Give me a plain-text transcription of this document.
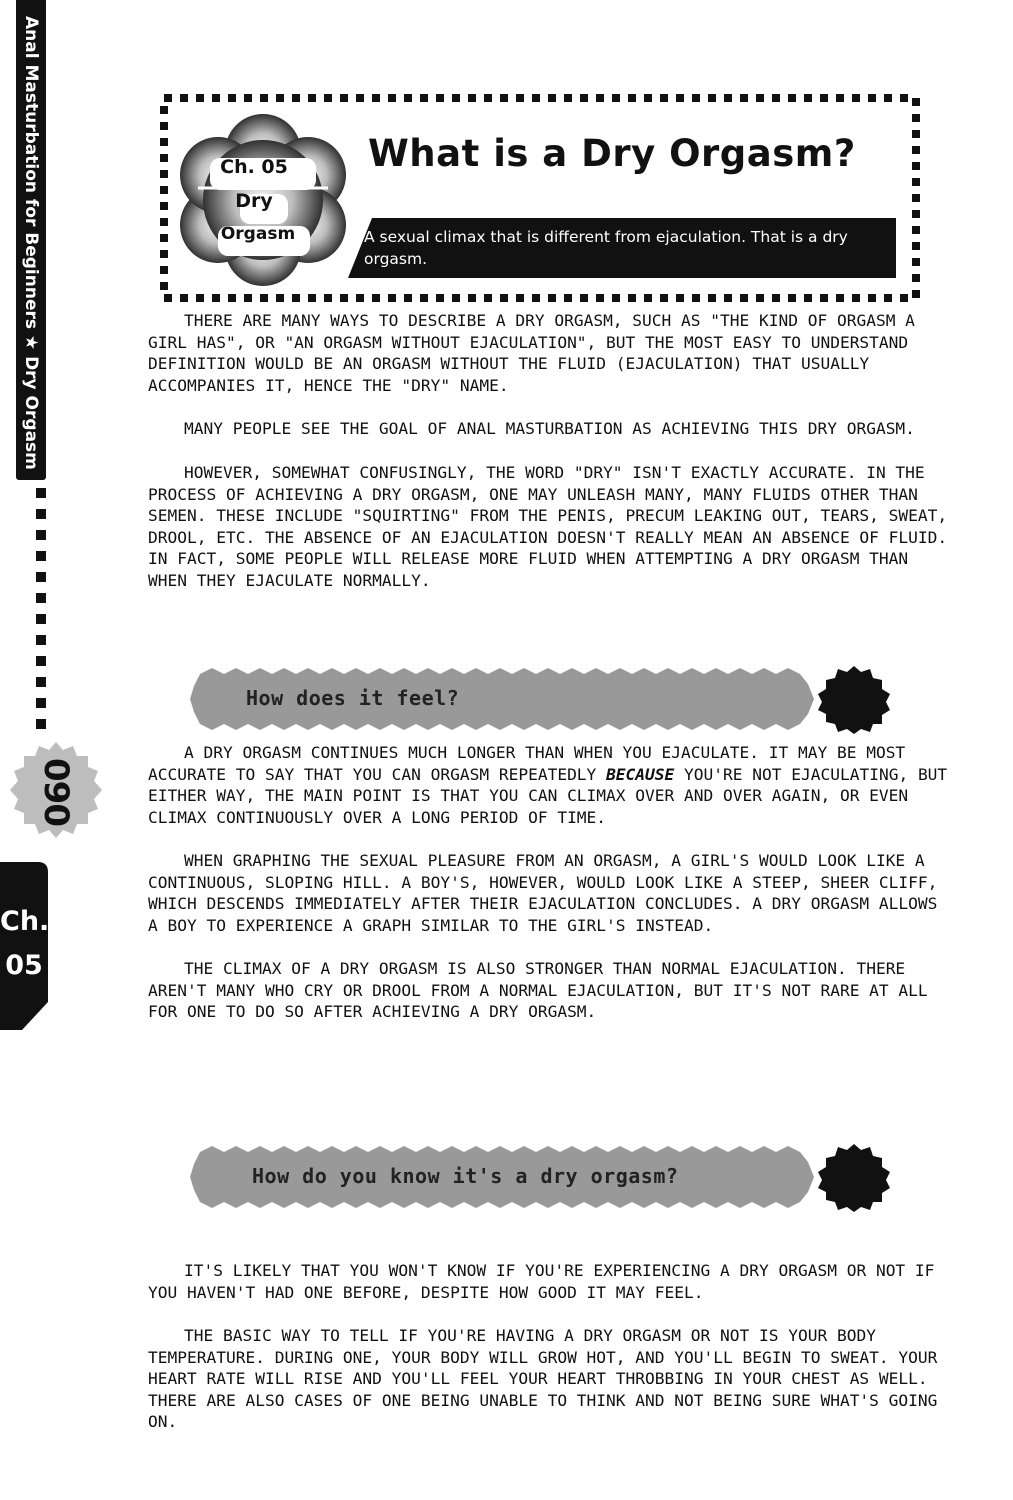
Anal Masturbation for Beginners ★ Dry Orgasm
090
Ch.
05
Ch. 05
Dry
Orgasm
What is a Dry Orgasm?
A sexual climax that is different from ejaculation. That is a dry orgasm.

THERE ARE MANY WAYS TO DESCRIBE A DRY ORGASM, SUCH AS "THE KIND OF ORGASM A GIRL HAS", OR "AN ORGASM WITHOUT EJACULATION", BUT THE MOST EASY TO UNDERSTAND DEFINITION WOULD BE AN ORGASM WITHOUT THE FLUID (EJACULATION) THAT USUALLY ACCOMPANIES IT, HENCE THE "DRY" NAME.

MANY PEOPLE SEE THE GOAL OF ANAL MASTURBATION AS ACHIEVING THIS DRY ORGASM.

HOWEVER, SOMEWHAT CONFUSINGLY, THE WORD "DRY" ISN'T EXACTLY ACCURATE. IN THE PROCESS OF ACHIEVING A DRY ORGASM, ONE MAY UNLEASH MANY, MANY FLUIDS OTHER THAN SEMEN. THESE INCLUDE "SQUIRTING" FROM THE PENIS, PRECUM LEAKING OUT, TEARS, SWEAT, DROOL, ETC. THE ABSENCE OF AN EJACULATION DOESN'T REALLY MEAN AN ABSENCE OF FLUID. IN FACT, SOME PEOPLE WILL RELEASE MORE FLUID WHEN ATTEMPTING A DRY ORGASM THAN WHEN THEY EJACULATE NORMALLY.

How does it feel?

A DRY ORGASM CONTINUES MUCH LONGER THAN WHEN YOU EJACULATE. IT MAY BE MOST ACCURATE TO SAY THAT YOU CAN ORGASM REPEATEDLY BECAUSE YOU'RE NOT EJACULATING, BUT EITHER WAY, THE MAIN POINT IS THAT YOU CAN CLIMAX OVER AND OVER AGAIN, OR EVEN CLIMAX CONTINUOUSLY OVER A LONG PERIOD OF TIME.

WHEN GRAPHING THE SEXUAL PLEASURE FROM AN ORGASM, A GIRL'S WOULD LOOK LIKE A CONTINUOUS, SLOPING HILL. A BOY'S, HOWEVER, WOULD LOOK LIKE A STEEP, SHEER CLIFF, WHICH DESCENDS IMMEDIATELY AFTER THEIR EJACULATION CONCLUDES. A DRY ORGASM ALLOWS A BOY TO EXPERIENCE A GRAPH SIMILAR TO THE GIRL'S INSTEAD.

THE CLIMAX OF A DRY ORGASM IS ALSO STRONGER THAN NORMAL EJACULATION. THERE AREN'T MANY WHO CRY OR DROOL FROM A NORMAL EJACULATION, BUT IT'S NOT RARE AT ALL FOR ONE TO DO SO AFTER ACHIEVING A DRY ORGASM.

How do you know it's a dry orgasm?

IT'S LIKELY THAT YOU WON'T KNOW IF YOU'RE EXPERIENCING A DRY ORGASM OR NOT IF YOU HAVEN'T HAD ONE BEFORE, DESPITE HOW GOOD IT MAY FEEL.

THE BASIC WAY TO TELL IF YOU'RE HAVING A DRY ORGASM OR NOT IS YOUR BODY TEMPERATURE. DURING ONE, YOUR BODY WILL GROW HOT, AND YOU'LL BEGIN TO SWEAT. YOUR HEART RATE WILL RISE AND YOU'LL FEEL YOUR HEART THROBBING IN YOUR CHEST AS WELL. THERE ARE ALSO CASES OF ONE BEING UNABLE TO THINK AND NOT BEING SURE WHAT'S GOING ON.
